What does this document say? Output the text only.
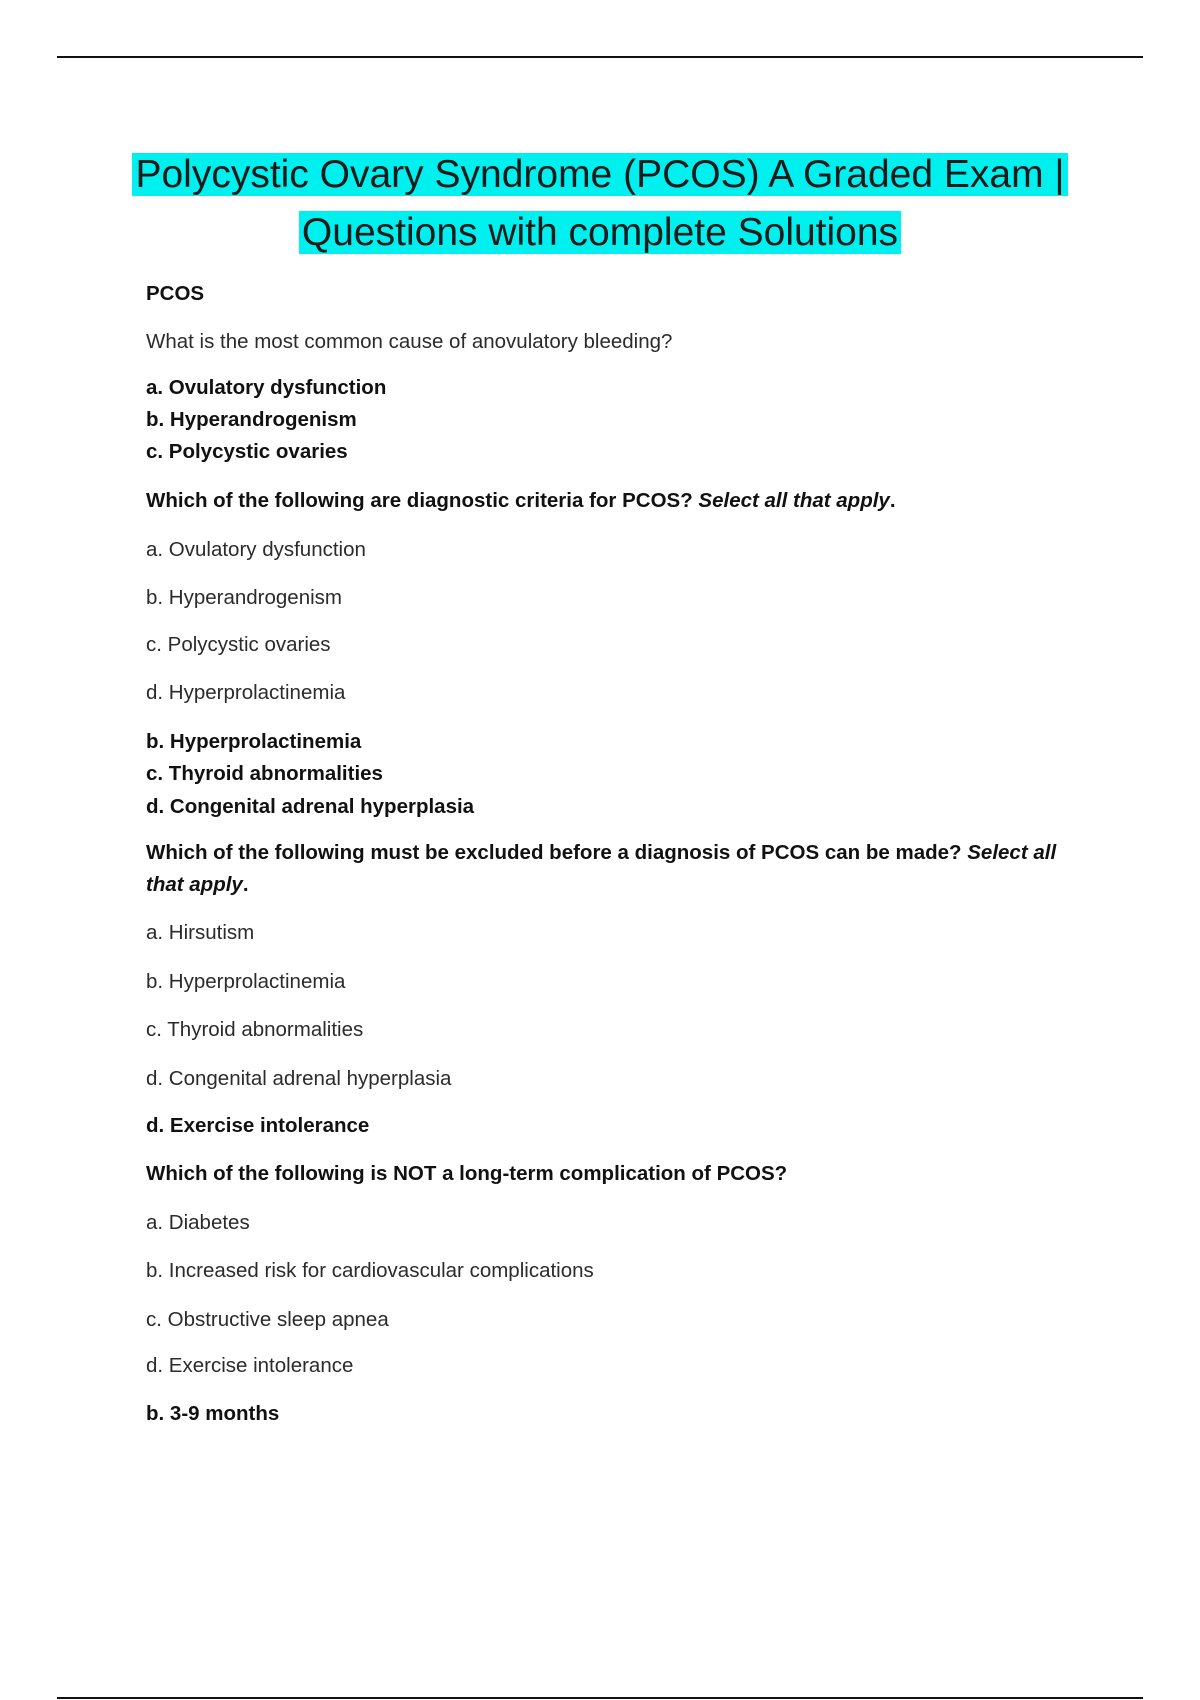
Polycystic Ovary Syndrome (PCOS) A Graded Exam |
Questions with complete Solutions
PCOS
What is the most common cause of anovulatory bleeding?
a. Ovulatory dysfunction
b. Hyperandrogenism
c. Polycystic ovaries
Which of the following are diagnostic criteria for PCOS? Select all that apply.
a. Ovulatory dysfunction
b. Hyperandrogenism
c. Polycystic ovaries
d. Hyperprolactinemia
b. Hyperprolactinemia
c. Thyroid abnormalities
d. Congenital adrenal hyperplasia
Which of the following must be excluded before a diagnosis of PCOS can be made? Select all
that apply.
a. Hirsutism
b. Hyperprolactinemia
c. Thyroid abnormalities
d. Congenital adrenal hyperplasia
d. Exercise intolerance
Which of the following is NOT a long-term complication of PCOS?
a. Diabetes
b. Increased risk for cardiovascular complications
c. Obstructive sleep apnea
d. Exercise intolerance
b. 3-9 months
